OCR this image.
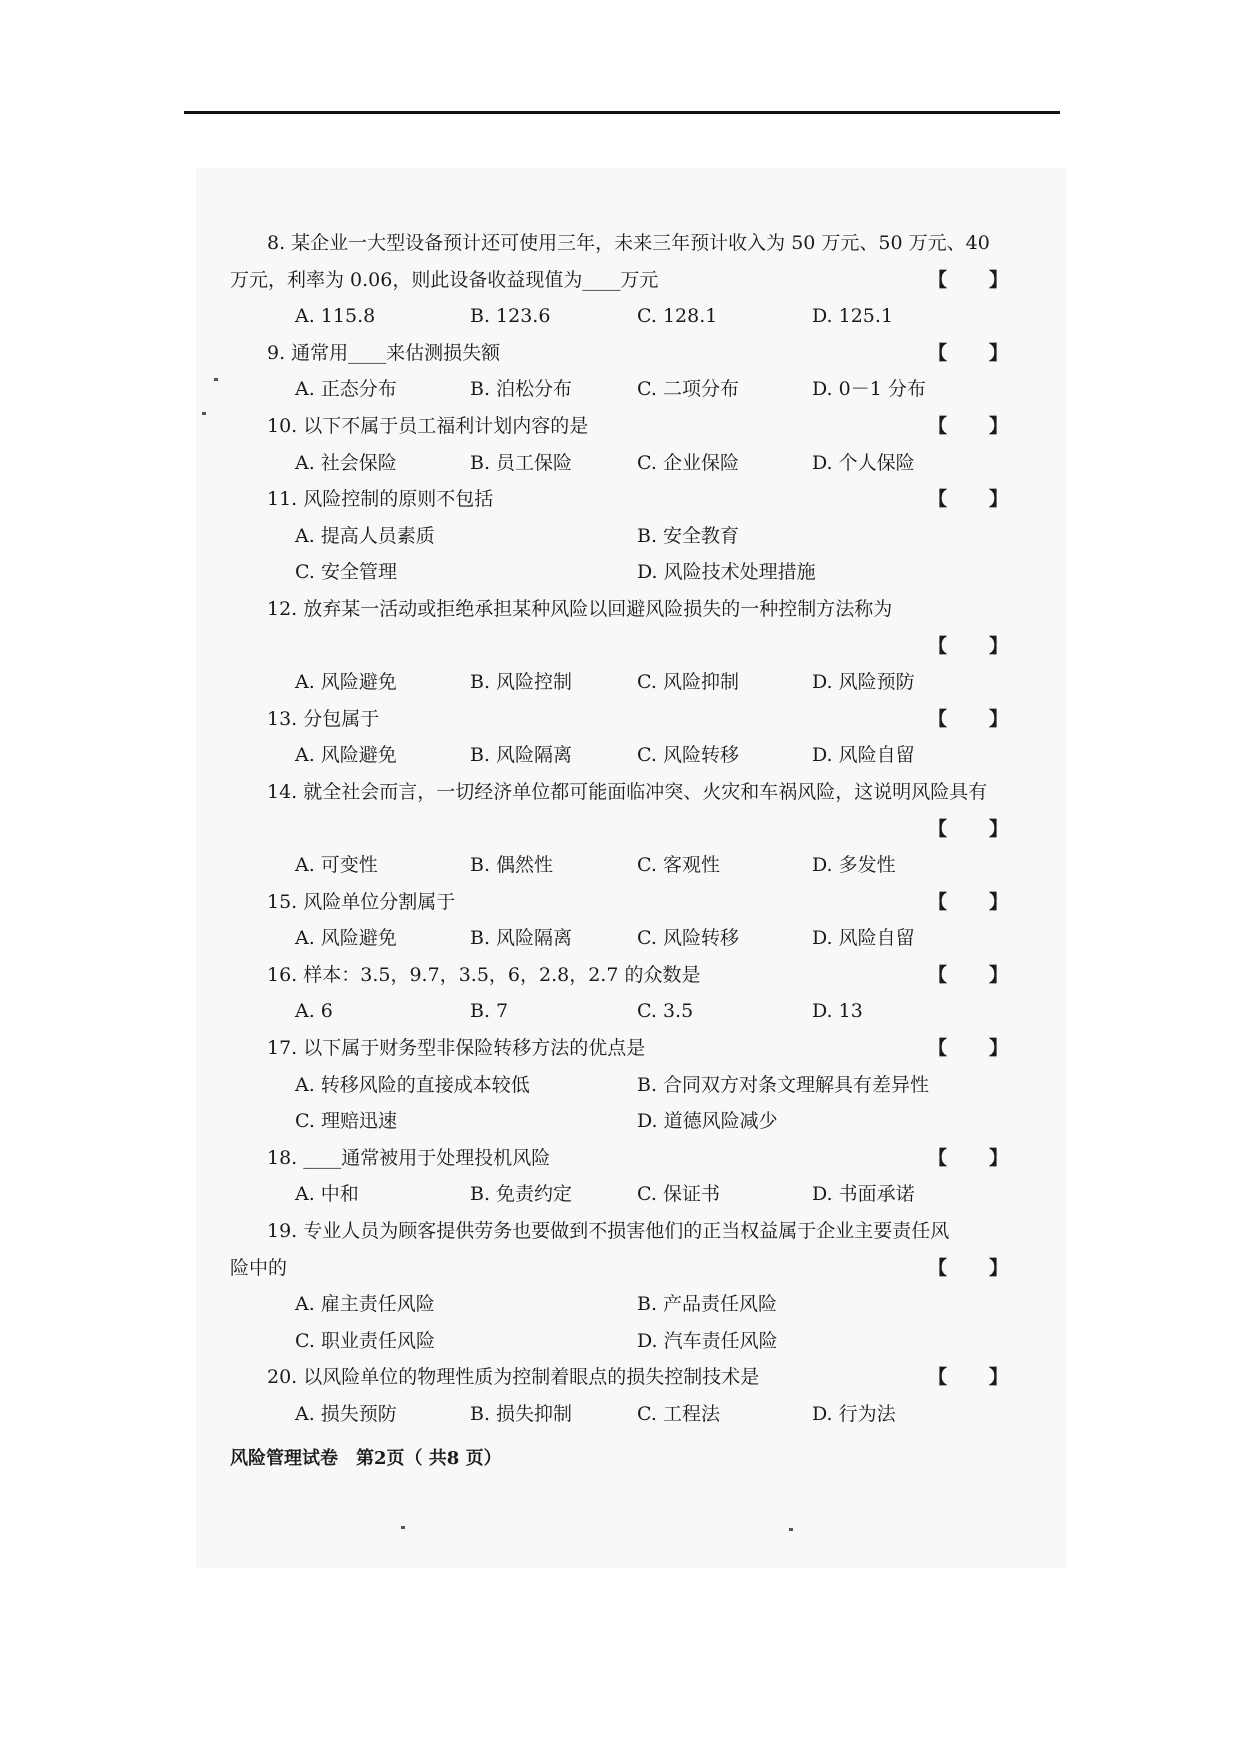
8. 某企业一大型设备预计还可使用三年，未来三年预计收入为 50 万元、50 万元、40
万元，利率为 0.06，则此设备收益现值为____万元	【 】
A. 115.8	B. 123.6	C. 128.1	D. 125.1
9. 通常用____来估测损失额	【 】
A. 正态分布	B. 泊松分布	C. 二项分布	D. 0－1 分布
10. 以下不属于员工福利计划内容的是	【 】
A. 社会保险	B. 员工保险	C. 企业保险	D. 个人保险
11. 风险控制的原则不包括	【 】
A. 提高人员素质	B. 安全教育
C. 安全管理	D. 风险技术处理措施
12. 放弃某一活动或拒绝承担某种风险以回避风险损失的一种控制方法称为
【 】
A. 风险避免	B. 风险控制	C. 风险抑制	D. 风险预防
13. 分包属于	【 】
A. 风险避免	B. 风险隔离	C. 风险转移	D. 风险自留
14. 就全社会而言，一切经济单位都可能面临冲突、火灾和车祸风险，这说明风险具有
【 】
A. 可变性	B. 偶然性	C. 客观性	D. 多发性
15. 风险单位分割属于	【 】
A. 风险避免	B. 风险隔离	C. 风险转移	D. 风险自留
16. 样本：3.5，9.7，3.5，6，2.8，2.7 的众数是	【 】
A. 6	B. 7	C. 3.5	D. 13
17. 以下属于财务型非保险转移方法的优点是	【 】
A. 转移风险的直接成本较低	B. 合同双方对条文理解具有差异性
C. 理赔迅速	D. 道德风险减少
18. ____通常被用于处理投机风险	【 】
A. 中和	B. 免责约定	C. 保证书	D. 书面承诺
19. 专业人员为顾客提供劳务也要做到不损害他们的正当权益属于企业主要责任风
险中的	【 】
A. 雇主责任风险	B. 产品责任风险
C. 职业责任风险	D. 汽车责任风险
20. 以风险单位的物理性质为控制着眼点的损失控制技术是	【 】
A. 损失预防	B. 损失抑制	C. 工程法	D. 行为法
风险管理试卷　第2页（ 共8 页）
